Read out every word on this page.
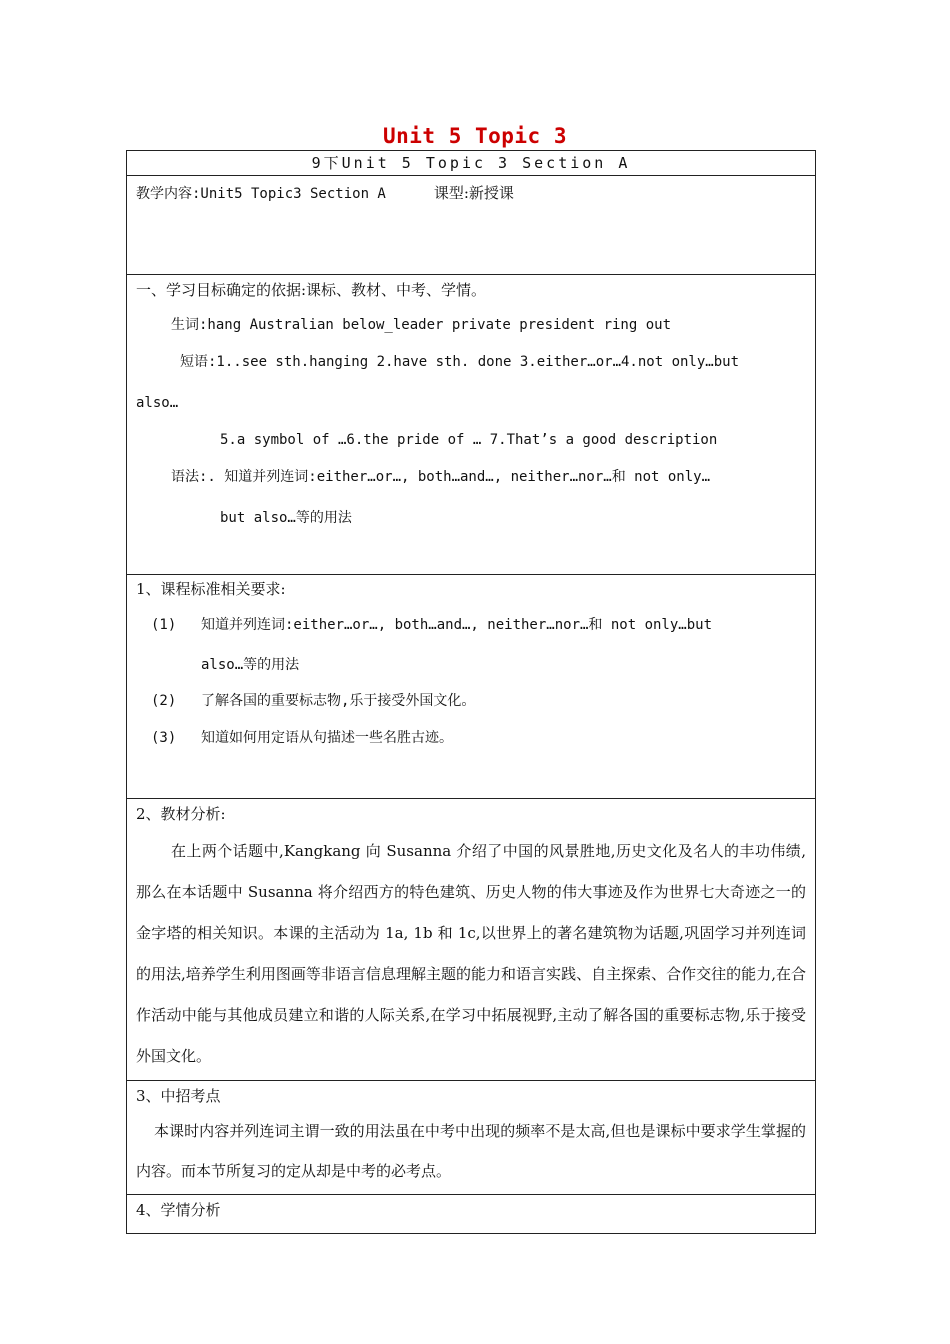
Unit 5 Topic 3
9下Unit 5 Topic 3 Section A

教学内容:Unit5 Topic3 Section A	课型:新授课

一、学习目标确定的依据:课标、教材、中考、学情。
生词:hang Australian below_leader private president ring out
短语:1..see sth.hanging 2.have sth. done 3.either…or…4.not only…but
also…
5.a symbol of …6.the pride of … 7.That’s a good description
语法:. 知道并列连词:either…or…, both…and…, neither…nor…和 not only…
but also…等的用法

1、课程标准相关要求:
(1) 知道并列连词:either…or…, both…and…, neither…nor…和 not only…but
also…等的用法
(2) 了解各国的重要标志物,乐于接受外国文化。
(3) 知道如何用定语从句描述一些名胜古迹。

2、教材分析:
在上两个话题中,Kangkang 向 Susanna 介绍了中国的风景胜地,历史文化及名人的丰功伟绩,那么在本话题中 Susanna 将介绍西方的特色建筑、历史人物的伟大事迹及作为世界七大奇迹之一的金字塔的相关知识。本课的主活动为 1a, 1b 和 1c,以世界上的著名建筑物为话题,巩固学习并列连词的用法,培养学生利用图画等非语言信息理解主题的能力和语言实践、自主探索、合作交往的能力,在合作活动中能与其他成员建立和谐的人际关系,在学习中拓展视野,主动了解各国的重要标志物,乐于接受外国文化。

3、中招考点
本课时内容并列连词主谓一致的用法虽在中考中出现的频率不是太高,但也是课标中要求学生掌握的内容。而本节所复习的定从却是中考的必考点。

4、学情分析
